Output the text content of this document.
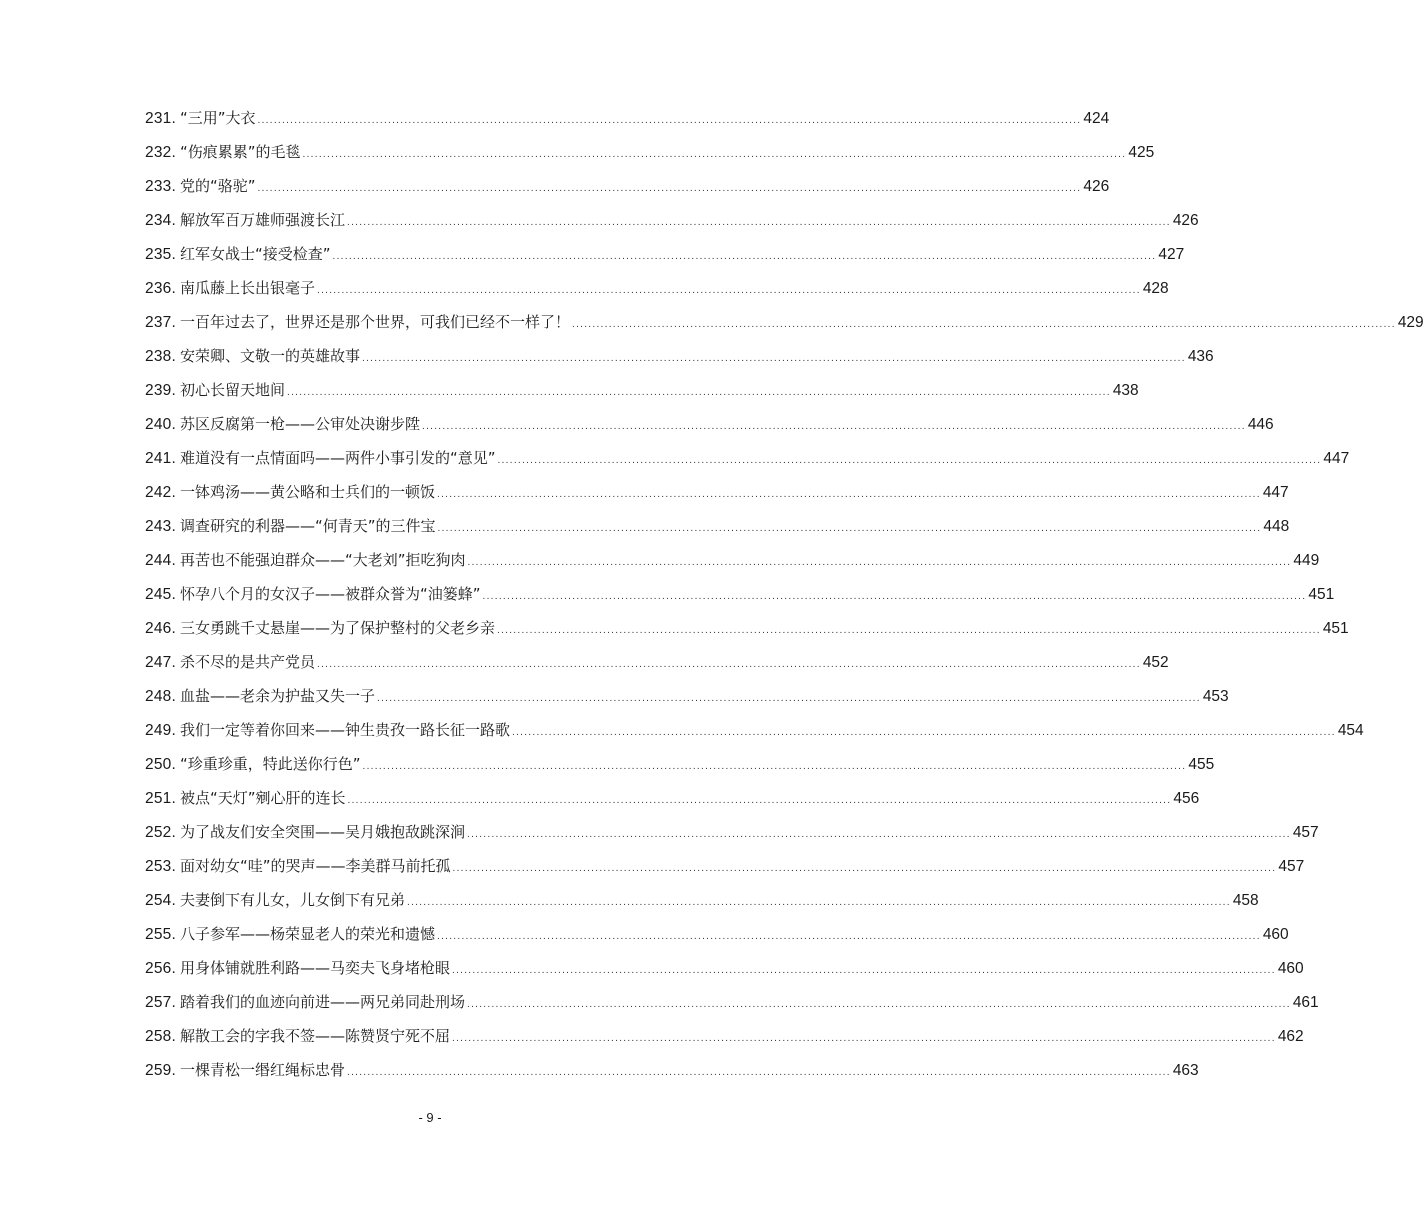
231. “三用”大衣 .....	424
232. “伤痕累累”的毛毯 .....	425
233. 党的“骆驼” .....	426
234. 解放军百万雄师强渡长江 .....	426
235. 红军女战士“接受检查” .....	427
236. 南瓜藤上长出银毫子 .....	428
237. 一百年过去了，世界还是那个世界，可我们已经不一样了！ .....	429
238. 安荣卿、文敬一的英雄故事 .....	436
239. 初心长留天地间 .....	438
240. 苏区反腐第一枪——公审处决谢步陞 .....	446
241. 难道没有一点情面吗——两件小事引发的“意见” .....	447
242. 一钵鸡汤——黄公略和士兵们的一顿饭 .....	447
243. 调查研究的利器——“何青天”的三件宝 .....	448
244. 再苦也不能强迫群众——“大老刘”拒吃狗肉 .....	449
245. 怀孕八个月的女汉子——被群众誉为“油篓蜂” .....	451
246. 三女勇跳千丈悬崖——为了保护整村的父老乡亲 .....	451
247. 杀不尽的是共产党员 .....	452
248. 血盐——老余为护盐又失一子 .....	453
249. 我们一定等着你回来——钟生贵孜一路长征一路歌 .....	454
250. “珍重珍重，特此送你行色” .....	455
251. 被点“天灯”剜心肝的连长 .....	456
252. 为了战友们安全突围——吴月娥抱敌跳深涧 .....	457
253. 面对幼女“哇”的哭声——李美群马前托孤 .....	457
254. 夫妻倒下有儿女，儿女倒下有兄弟 .....	458
255. 八子参军——杨荣显老人的荣光和遗憾 .....	460
256. 用身体铺就胜利路——马奕夫飞身堵枪眼 .....	460
257. 踏着我们的血迹向前进——两兄弟同赴刑场 .....	461
258. 解散工会的字我不签——陈赞贤宁死不屈 .....	462
259. 一棵青松一缗红绳标忠骨 .....	463
- 9 -
